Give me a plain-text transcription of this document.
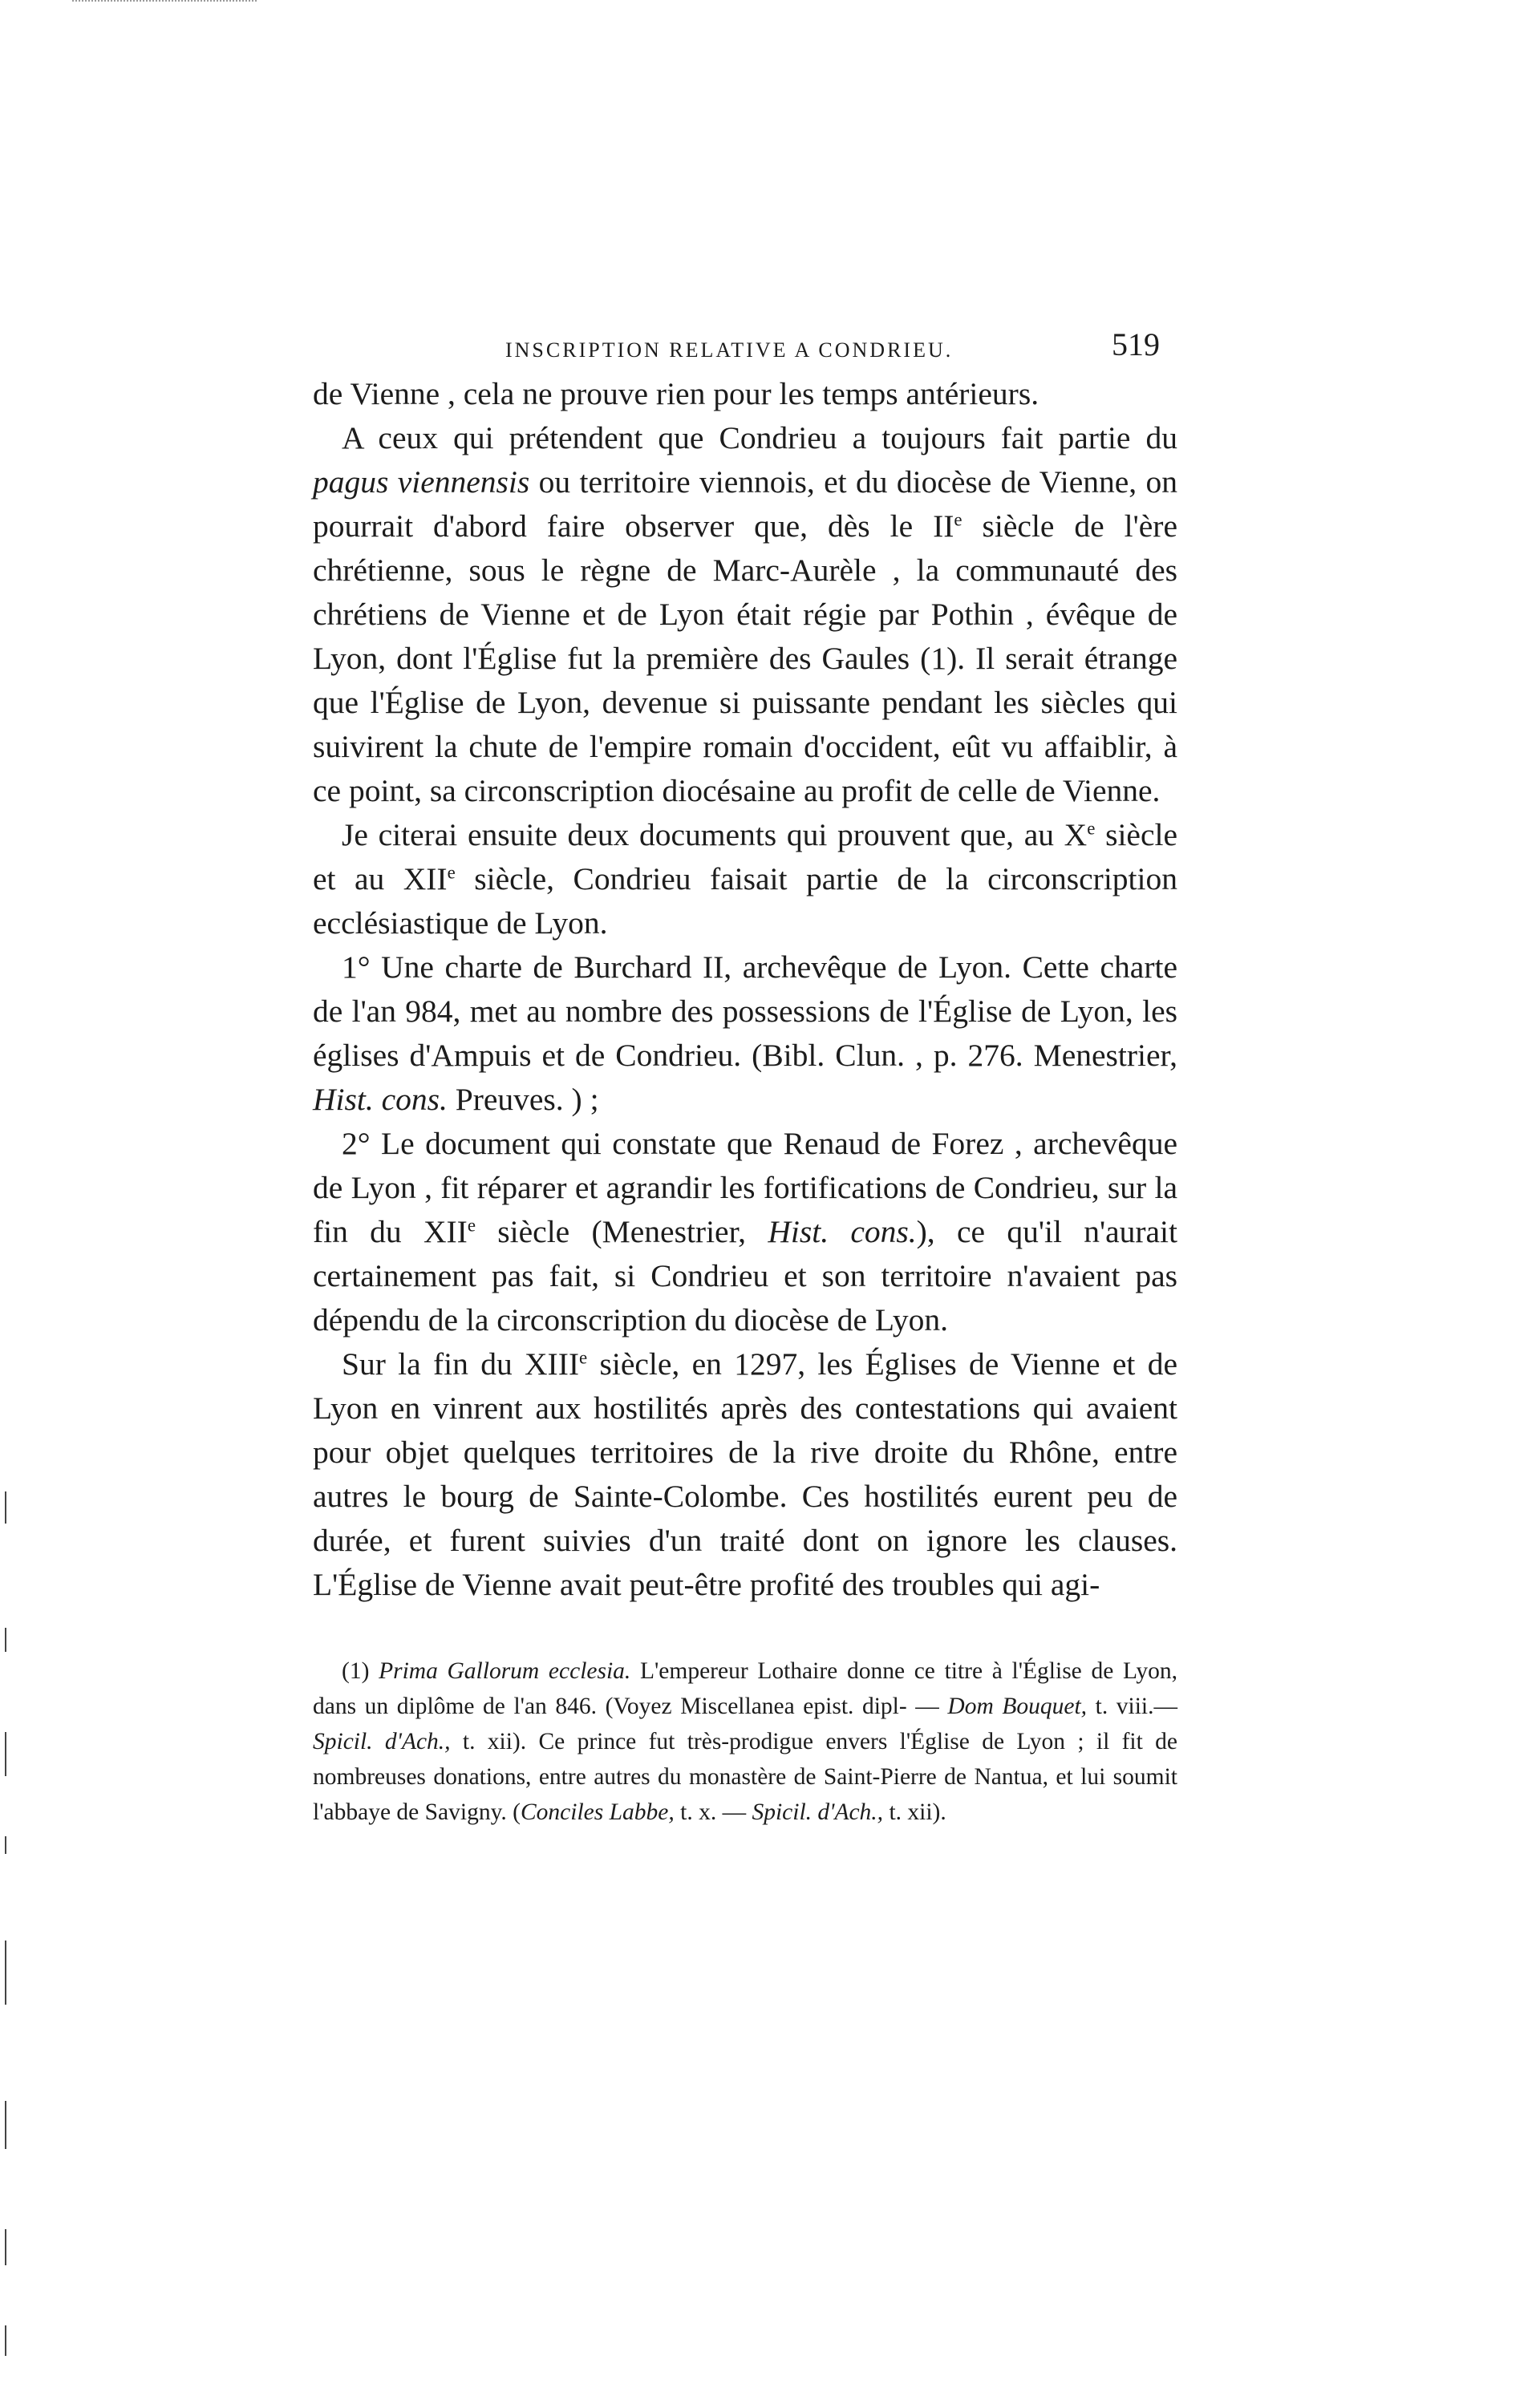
INSCRIPTION RELATIVE A CONDRIEU.	519

de Vienne , cela ne prouve rien pour les temps antérieurs.

A ceux qui prétendent que Condrieu a toujours fait partie du pagus viennensis ou territoire viennois, et du diocèse de Vienne, on pourrait d'abord faire observer que, dès le IIe siècle de l'ère chrétienne, sous le règne de Marc-Aurèle , la communauté des chrétiens de Vienne et de Lyon était régie par Pothin , évêque de Lyon, dont l'Église fut la première des Gaules (1). Il serait étrange que l'Église de Lyon, devenue si puissante pendant les siècles qui suivirent la chute de l'empire romain d'occident, eût vu affaiblir, à ce point, sa circonscription diocésaine au profit de celle de Vienne.

Je citerai ensuite deux documents qui prouvent que, au Xe siècle et au XIIe siècle, Condrieu faisait partie de la circonscription ecclésiastique de Lyon.

1° Une charte de Burchard II, archevêque de Lyon. Cette charte de l'an 984, met au nombre des possessions de l'Église de Lyon, les églises d'Ampuis et de Condrieu. (Bibl. Clun. , p. 276. Menestrier, Hist. cons. Preuves. ) ;

2° Le document qui constate que Renaud de Forez , archevêque de Lyon , fit réparer et agrandir les fortifications de Condrieu, sur la fin du XIIe siècle (Menestrier, Hist. cons.), ce qu'il n'aurait certainement pas fait, si Condrieu et son territoire n'avaient pas dépendu de la circonscription du diocèse de Lyon.

Sur la fin du XIIIe siècle, en 1297, les Églises de Vienne et de Lyon en vinrent aux hostilités après des contestations qui avaient pour objet quelques territoires de la rive droite du Rhône, entre autres le bourg de Sainte-Colombe. Ces hostilités eurent peu de durée, et furent suivies d'un traité dont on ignore les clauses. L'Église de Vienne avait peut-être profité des troubles qui agi-

(1) Prima Gallorum ecclesia. L'empereur Lothaire donne ce titre à l'Église de Lyon, dans un diplôme de l'an 846. (Voyez Miscellanea epist. dipl- — Dom Bouquet, t. viii.— Spicil. d'Ach., t. xii). Ce prince fut très-prodigue envers l'Église de Lyon ; il fit de nombreuses donations, entre autres du monastère de Saint-Pierre de Nantua, et lui soumit l'abbaye de Savigny. (Conciles Labbe, t. x. — Spicil. d'Ach., t. xii).
